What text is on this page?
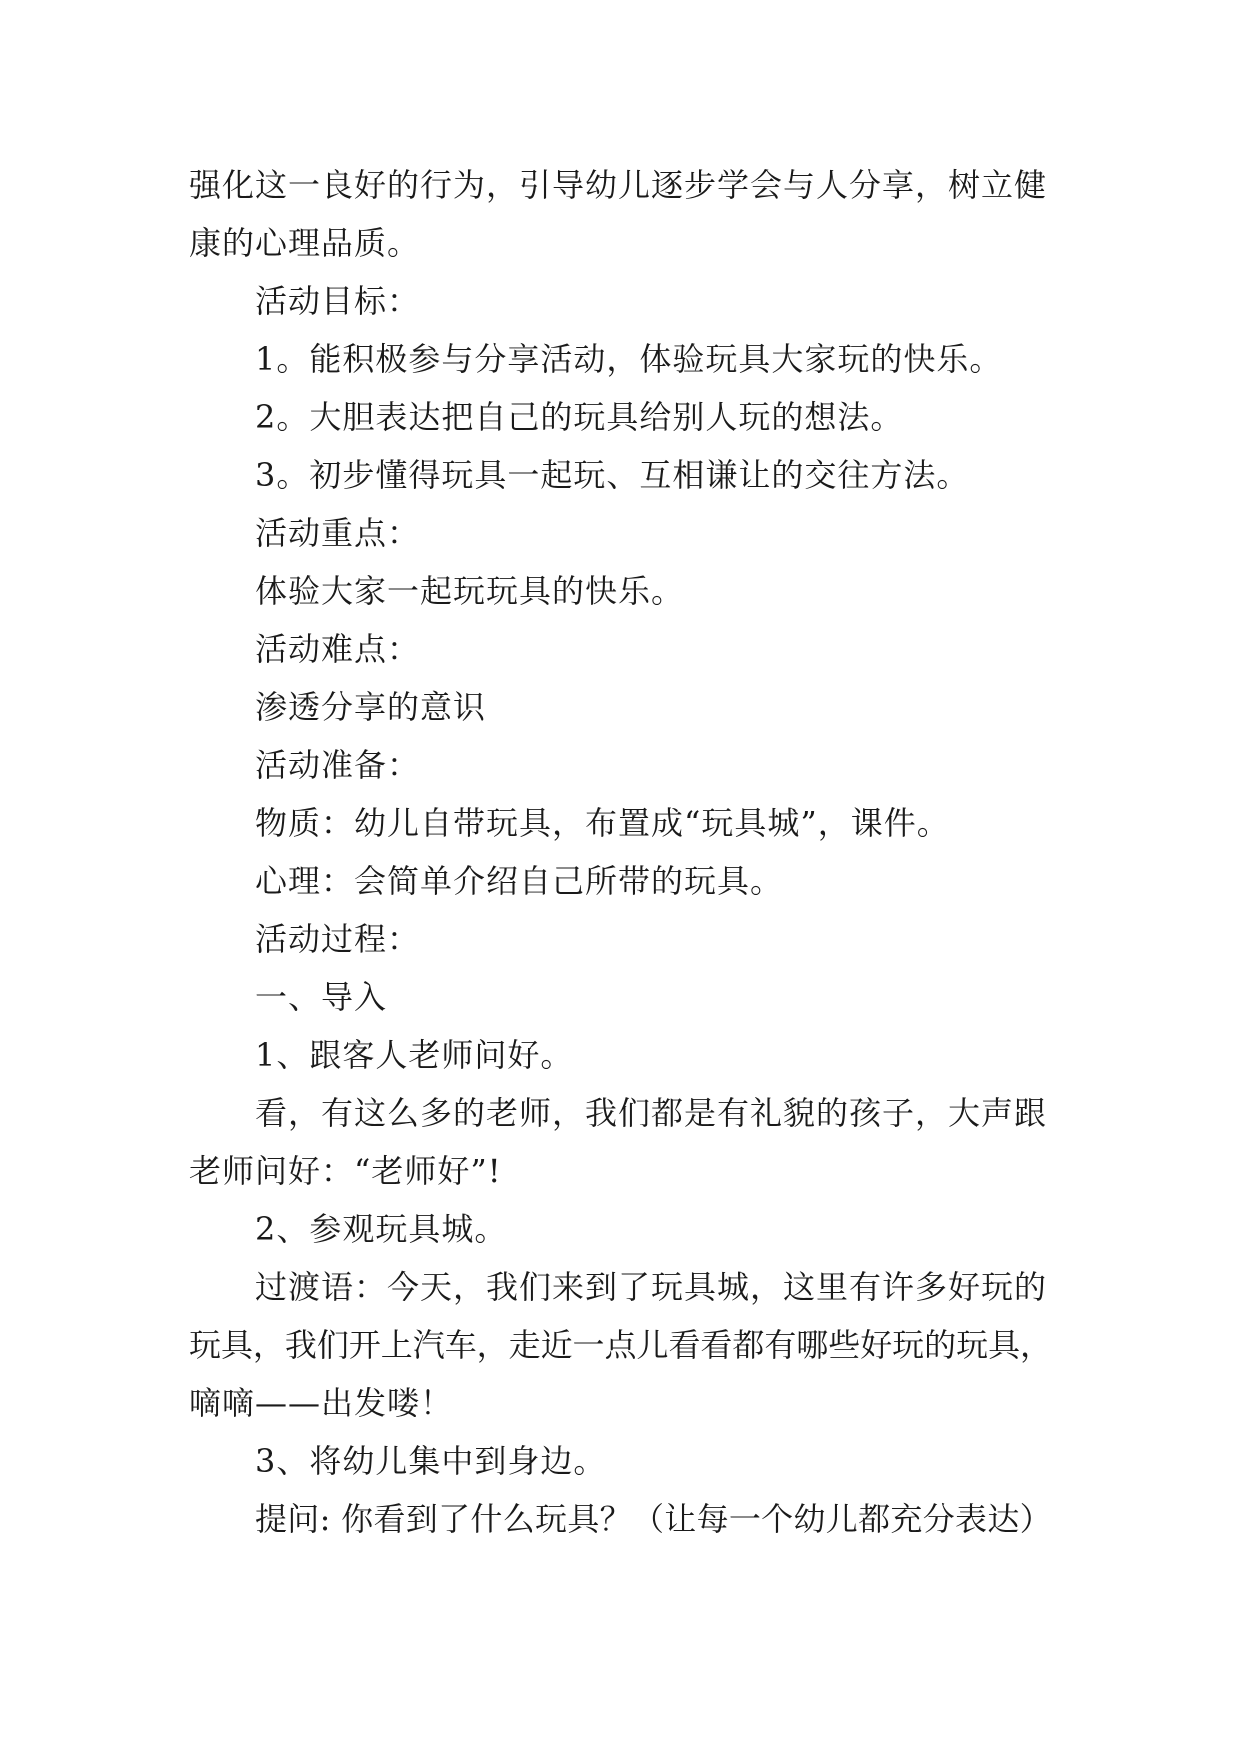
强化这一良好的行为，引导幼儿逐步学会与人分享，树立健
康的心理品质。
活动目标：
1。能积极参与分享活动，体验玩具大家玩的快乐。
2。大胆表达把自己的玩具给别人玩的想法。
3。初步懂得玩具一起玩、互相谦让的交往方法。
活动重点：
体验大家一起玩玩具的快乐。
活动难点：
渗透分享的意识
活动准备：
物质：幼儿自带玩具，布置成“玩具城”，课件。
心理：会简单介绍自己所带的玩具。
活动过程：
一、导入
1、跟客人老师问好。
看，有这么多的老师，我们都是有礼貌的孩子，大声跟
老师问好：“老师好”!
2、参观玩具城。
过渡语：今天，我们来到了玩具城，这里有许多好玩的
玩具，我们开上汽车，走近一点儿看看都有哪些好玩的玩具，
嘀嘀——出发喽！
3、将幼儿集中到身边。
提问: 你看到了什么玩具？（让每一个幼儿都充分表达）
